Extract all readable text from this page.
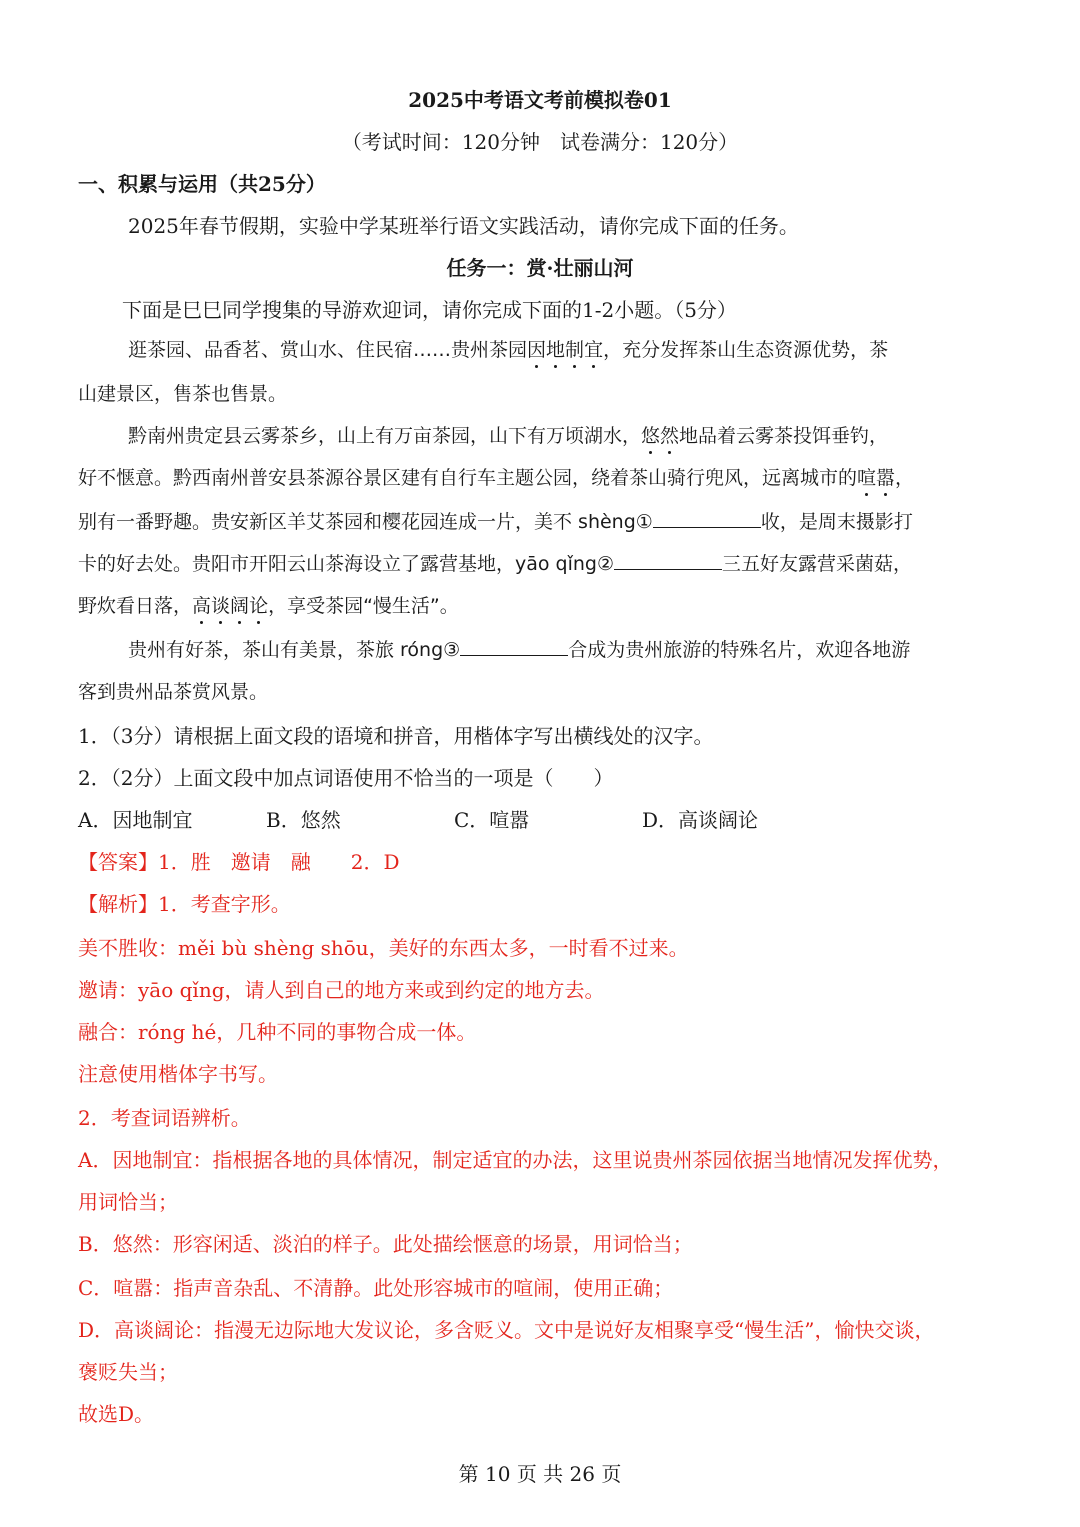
2025中考语文考前模拟卷01
（考试时间：120分钟　试卷满分：120分）
一、积累与运用（共25分）
2025年春节假期，实验中学某班举行语文实践活动，请你完成下面的任务。
任务一：赏·壮丽山河
下面是巳巳同学搜集的导游欢迎词，请你完成下面的1-2小题。（5分）
逛茶园、品香茗、赏山水、住民宿……贵州茶园因地制宜，充分发挥茶山生态资源优势，茶
山建景区，售茶也售景。
黔南州贵定县云雾茶乡，山上有万亩茶园，山下有万顷湖水，悠然地品着云雾茶投饵垂钓，
好不惬意。黔西南州普安县茶源谷景区建有自行车主题公园，绕着茶山骑行兜风，远离城市的喧嚣，
别有一番野趣。贵安新区羊艾茶园和樱花园连成一片，美不 shèng①	收，是周末摄影打
卡的好去处。贵阳市开阳云山茶海设立了露营基地，yāo qǐng②	三五好友露营采菌菇，
野炊看日落，高谈阔论，享受茶园“慢生活”。
贵州有好茶，茶山有美景，茶旅 róng③	合成为贵州旅游的特殊名片，欢迎各地游
客到贵州品茶赏风景。
1．（3分）请根据上面文段的语境和拼音，用楷体字写出横线处的汉字。
2．（2分）上面文段中加点词语使用不恰当的一项是（　　）
A．因地制宜	B．悠然	C．喧嚣	D．高谈阔论
【答案】1．胜　邀请　融　　2．D
【解析】1．考查字形。
美不胜收：měi bù shèng shōu，美好的东西太多，一时看不过来。
邀请：yāo qǐng，请人到自己的地方来或到约定的地方去。
融合：róng hé，几种不同的事物合成一体。
注意使用楷体字书写。
2．考查词语辨析。
A．因地制宜：指根据各地的具体情况，制定适宜的办法，这里说贵州茶园依据当地情况发挥优势，
用词恰当；
B．悠然：形容闲适、淡泊的样子。此处描绘惬意的场景，用词恰当；
C．喧嚣：指声音杂乱、不清静。此处形容城市的喧闹，使用正确；
D．高谈阔论：指漫无边际地大发议论，多含贬义。文中是说好友相聚享受“慢生活”，愉快交谈，
褒贬失当；
故选D。
第 10 页 共 26 页
